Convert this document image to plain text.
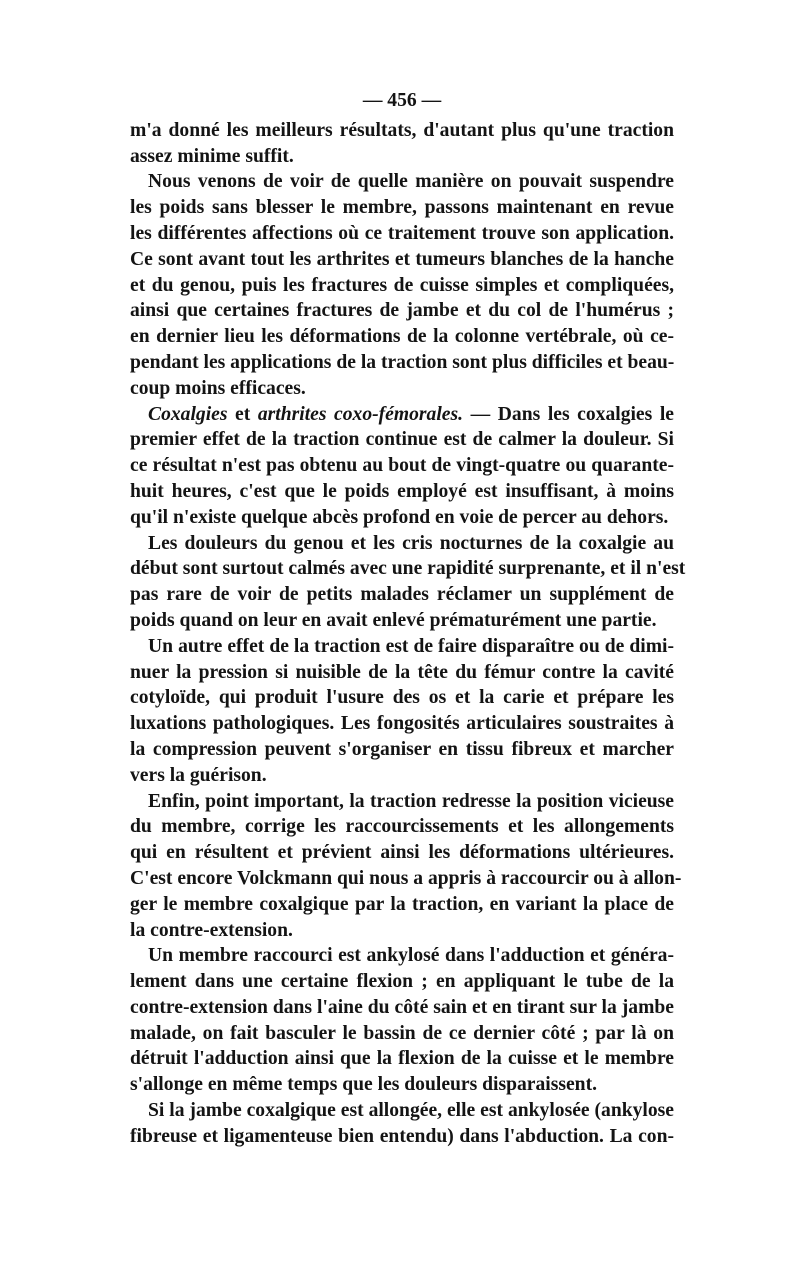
— 456 —
m'a donné les meilleurs résultats, d'autant plus qu'une traction
assez minime suffit.
Nous venons de voir de quelle manière on pouvait suspendre
les poids sans blesser le membre, passons maintenant en revue
les différentes affections où ce traitement trouve son application.
Ce sont avant tout les arthrites et tumeurs blanches de la hanche
et du genou, puis les fractures de cuisse simples et compliquées,
ainsi que certaines fractures de jambe et du col de l'humérus ;
en dernier lieu les déformations de la colonne vertébrale, où ce-
pendant les applications de la traction sont plus difficiles et beau-
coup moins efficaces.
Coxalgies et arthrites coxo-fémorales. — Dans les coxalgies le
premier effet de la traction continue est de calmer la douleur. Si
ce résultat n'est pas obtenu au bout de vingt-quatre ou quarante-
huit heures, c'est que le poids employé est insuffisant, à moins
qu'il n'existe quelque abcès profond en voie de percer au dehors.
Les douleurs du genou et les cris nocturnes de la coxalgie au
début sont surtout calmés avec une rapidité surprenante, et il n'est
pas rare de voir de petits malades réclamer un supplément de
poids quand on leur en avait enlevé prématurément une partie.
Un autre effet de la traction est de faire disparaître ou de dimi-
nuer la pression si nuisible de la tête du fémur contre la cavité
cotyloïde, qui produit l'usure des os et la carie et prépare les
luxations pathologiques. Les fongosités articulaires soustraites à
la compression peuvent s'organiser en tissu fibreux et marcher
vers la guérison.
Enfin, point important, la traction redresse la position vicieuse
du membre, corrige les raccourcissements et les allongements
qui en résultent et prévient ainsi les déformations ultérieures.
C'est encore Volckmann qui nous a appris à raccourcir ou à allon-
ger le membre coxalgique par la traction, en variant la place de
la contre-extension.
Un membre raccourci est ankylosé dans l'adduction et généra-
lement dans une certaine flexion ; en appliquant le tube de la
contre-extension dans l'aine du côté sain et en tirant sur la jambe
malade, on fait basculer le bassin de ce dernier côté ; par là on
détruit l'adduction ainsi que la flexion de la cuisse et le membre
s'allonge en même temps que les douleurs disparaissent.
Si la jambe coxalgique est allongée, elle est ankylosée (ankylose
fibreuse et ligamenteuse bien entendu) dans l'abduction. La con-
